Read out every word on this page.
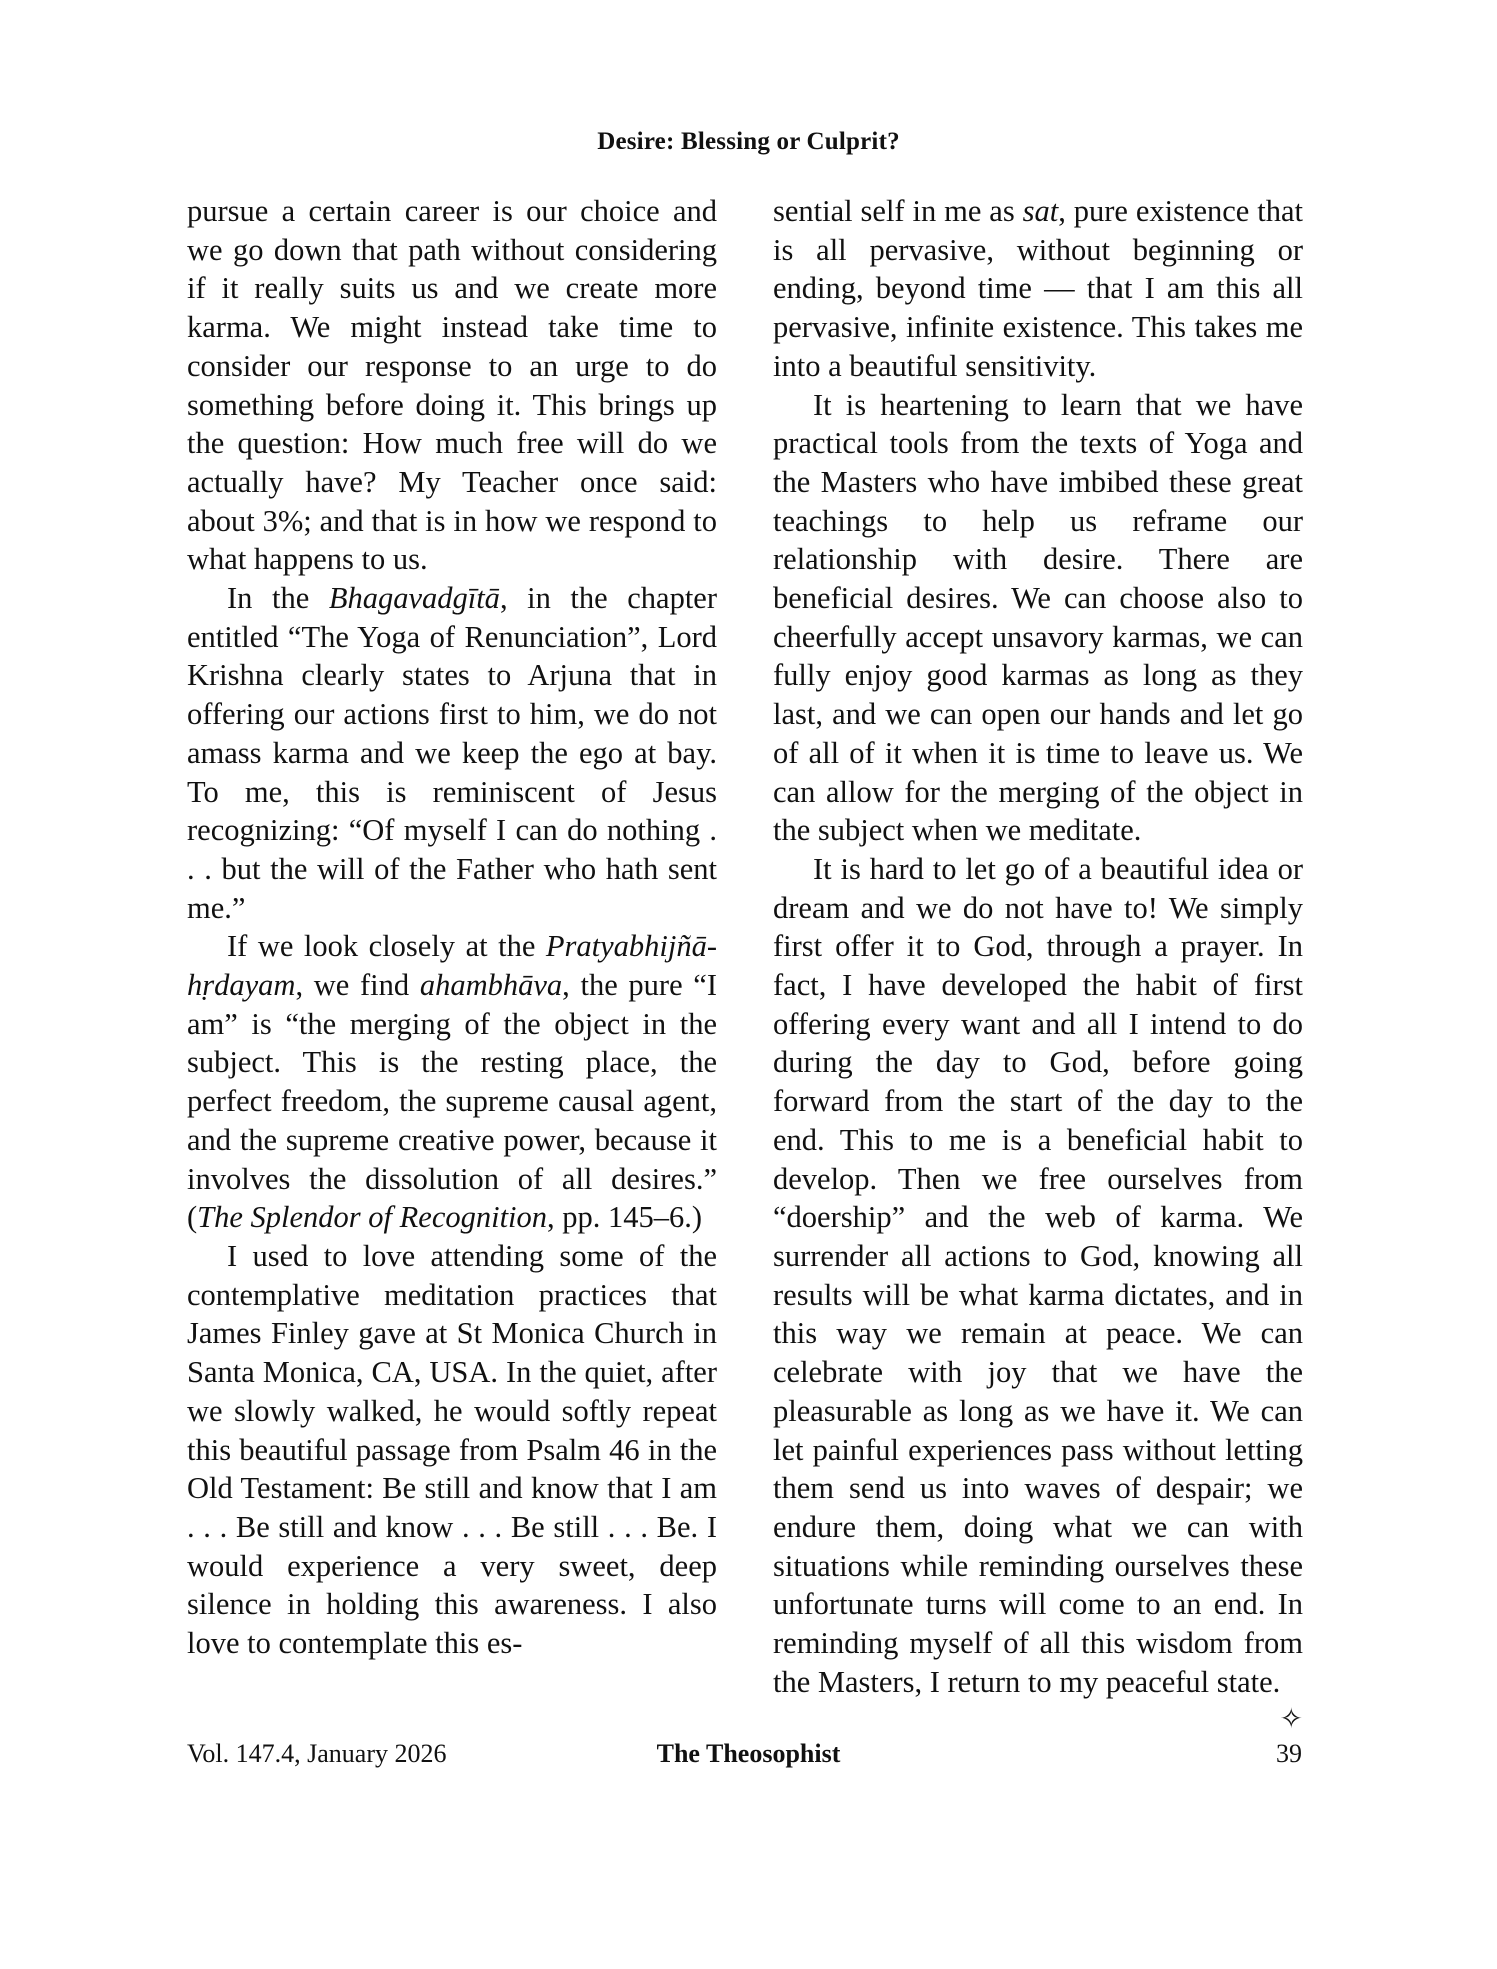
Desire: Blessing or Culprit?

pursue a certain career is our choice and we go down that path without considering if it really suits us and we create more karma. We might instead take time to consider our response to an urge to do something before doing it. This brings up the question: How much free will do we actually have? My Teacher once said: about 3%; and that is in how we respond to what happens to us.

In the Bhagavadgītā, in the chapter entitled “The Yoga of Renunciation”, Lord Krishna clearly states to Arjuna that in offering our actions first to him, we do not amass karma and we keep the ego at bay. To me, this is reminiscent of Jesus recognizing: “Of myself I can do nothing . . . but the will of the Father who hath sent me.”

If we look closely at the Pratyabhijñā-hṛdayam, we find ahambhāva, the pure “I am” is “the merging of the object in the subject. This is the resting place, the perfect freedom, the supreme causal agent, and the supreme creative power, because it involves the dissolution of all desires.” (The Splendor of Recognition, pp. 145–6.)

I used to love attending some of the contemplative meditation practices that James Finley gave at St Monica Church in Santa Monica, CA, USA. In the quiet, after we slowly walked, he would softly repeat this beautiful passage from Psalm 46 in the Old Testament: Be still and know that I am . . . Be still and know . . . Be still . . . Be. I would experience a very sweet, deep silence in holding this awareness. I also love to contemplate this es-

sential self in me as sat, pure existence that is all pervasive, without beginning or ending, beyond time — that I am this all pervasive, infinite existence. This takes me into a beautiful sensitivity.

It is heartening to learn that we have practical tools from the texts of Yoga and the Masters who have imbibed these great teachings to help us reframe our relationship with desire. There are beneficial desires. We can choose also to cheerfully accept unsavory karmas, we can fully enjoy good karmas as long as they last, and we can open our hands and let go of all of it when it is time to leave us. We can allow for the merging of the object in the subject when we meditate.

It is hard to let go of a beautiful idea or dream and we do not have to! We simply first offer it to God, through a prayer. In fact, I have developed the habit of first offering every want and all I intend to do during the day to God, before going forward from the start of the day to the end. This to me is a beneficial habit to develop. Then we free ourselves from “doership” and the web of karma. We surrender all actions to God, knowing all results will be what karma dictates, and in this way we remain at peace. We can celebrate with joy that we have the pleasurable as long as we have it. We can let painful experiences pass without letting them send us into waves of despair; we endure them, doing what we can with situations while reminding ourselves these unfortunate turns will come to an end. In reminding myself of all this wisdom from the Masters, I return to my peaceful state.
✧

Vol. 147.4, January 2026	The Theosophist	39
